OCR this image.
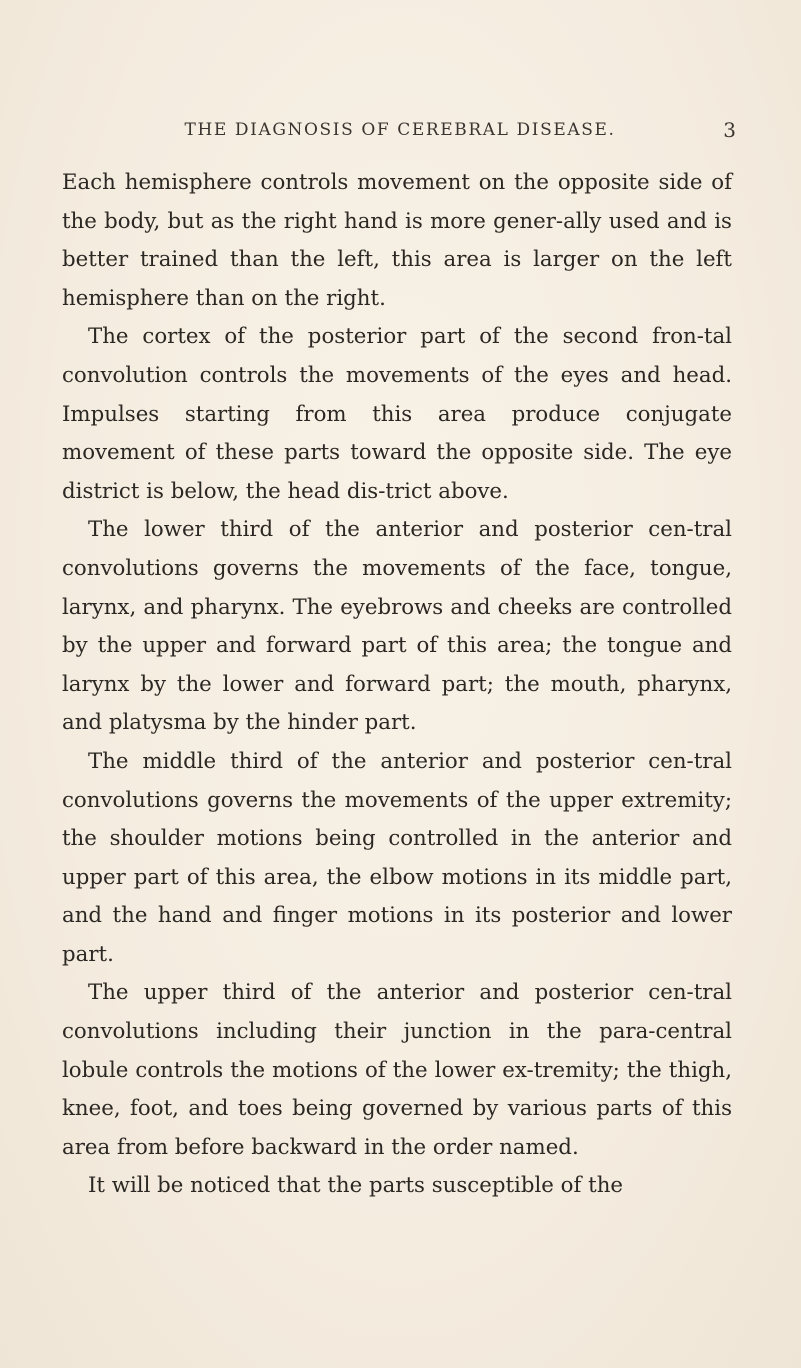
THE DIAGNOSIS OF CEREBRAL DISEASE.	3

Each hemisphere controls movement on the opposite side of the body, but as the right hand is more gener-ally used and is better trained than the left, this area is larger on the left hemisphere than on the right.

The cortex of the posterior part of the second fron-tal convolution controls the movements of the eyes and head. Impulses starting from this area produce conjugate movement of these parts toward the opposite side. The eye district is below, the head dis-trict above.

The lower third of the anterior and posterior cen-tral convolutions governs the movements of the face, tongue, larynx, and pharynx. The eyebrows and cheeks are controlled by the upper and forward part of this area; the tongue and larynx by the lower and forward part; the mouth, pharynx, and platysma by the hinder part.

The middle third of the anterior and posterior cen-tral convolutions governs the movements of the upper extremity; the shoulder motions being controlled in the anterior and upper part of this area, the elbow motions in its middle part, and the hand and finger motions in its posterior and lower part.

The upper third of the anterior and posterior cen-tral convolutions including their junction in the para-central lobule controls the motions of the lower ex-tremity; the thigh, knee, foot, and toes being governed by various parts of this area from before backward in the order named.

It will be noticed that the parts susceptible of the
